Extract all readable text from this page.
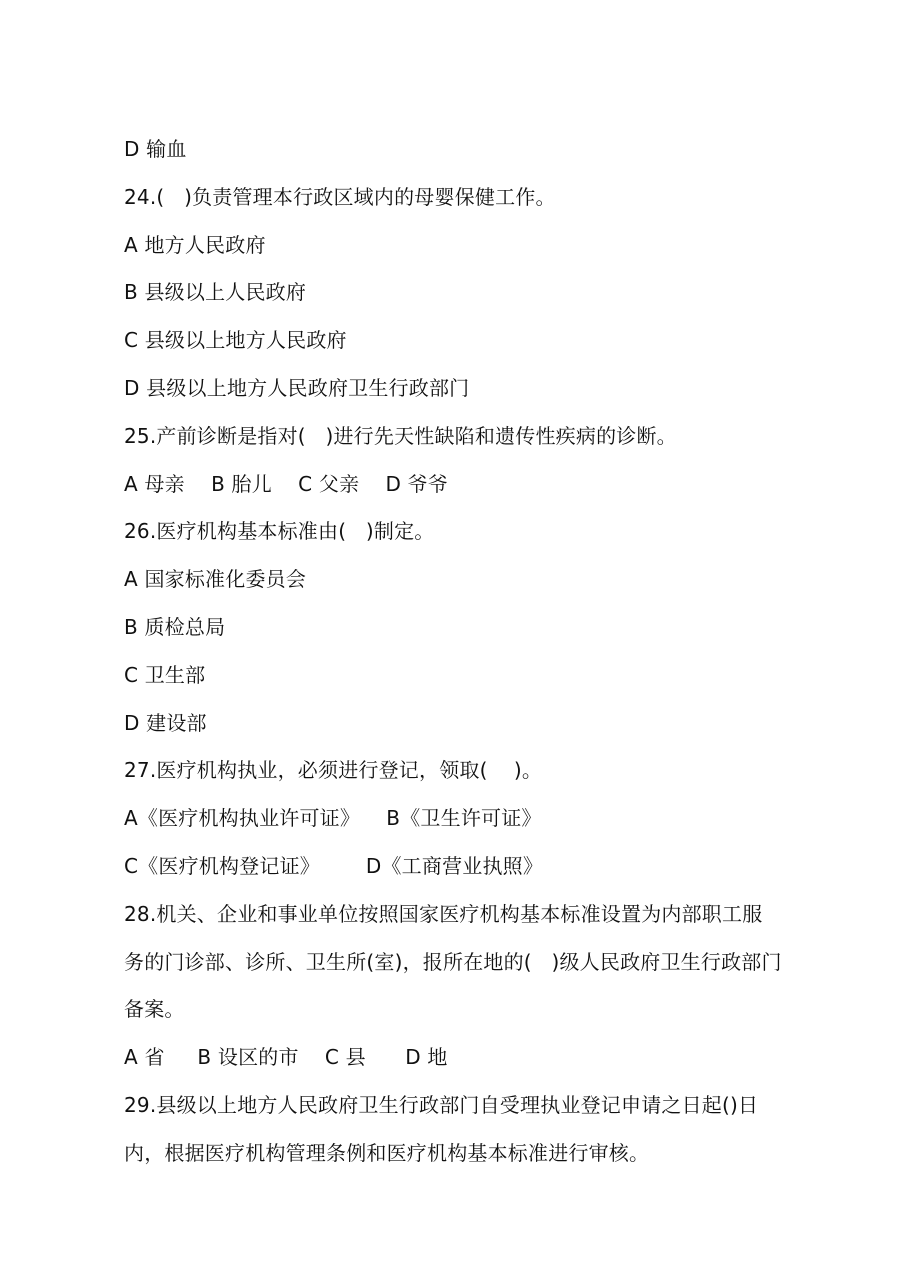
D 输血
24.(   )负责管理本行政区域内的母婴保健工作。
A 地方人民政府
B 县级以上人民政府
C 县级以上地方人民政府
D 县级以上地方人民政府卫生行政部门
25.产前诊断是指对(   )进行先天性缺陷和遗传性疾病的诊断。
A 母亲    B 胎儿    C 父亲    D 爷爷
26.医疗机构基本标准由(   )制定。
A 国家标准化委员会
B 质检总局
C 卫生部
D 建设部
27.医疗机构执业，必须进行登记，领取(    )。
A《医疗机构执业许可证》    B《卫生许可证》
C《医疗机构登记证》       D《工商营业执照》
28.机关、企业和事业单位按照国家医疗机构基本标准设置为内部职工服
务的门诊部、诊所、卫生所(室)，报所在地的(   )级人民政府卫生行政部门
备案。
A 省     B 设区的市    C 县      D 地
29.县级以上地方人民政府卫生行政部门自受理执业登记申请之日起()日
内，根据医疗机构管理条例和医疗机构基本标准进行审核。
